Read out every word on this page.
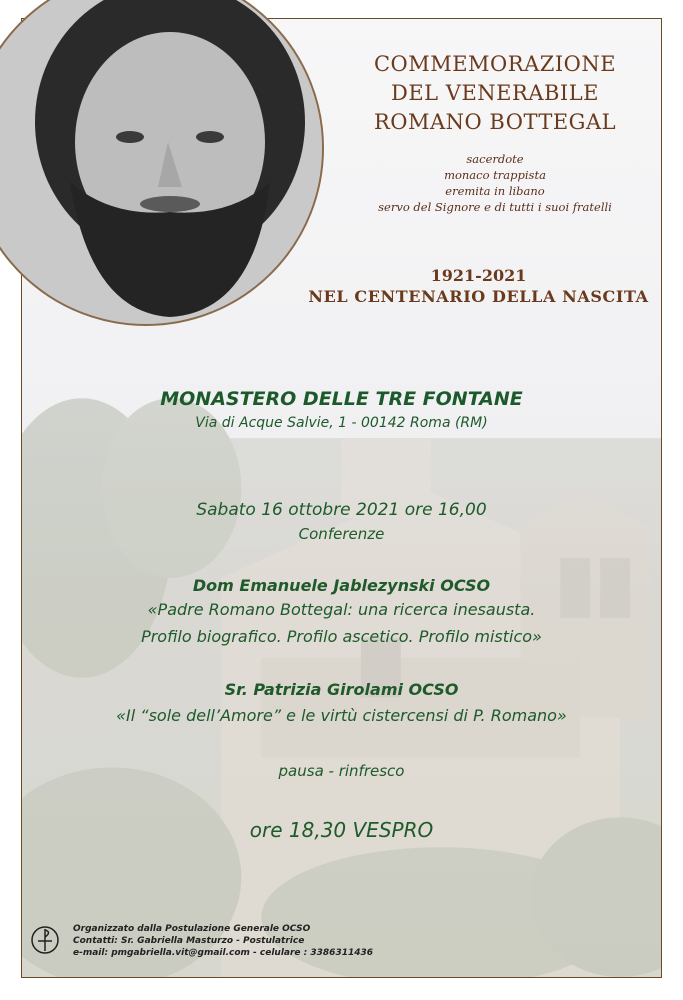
COMMEMORAZIONE
DEL VENERABILE
ROMANO BOTTEGAL
sacerdote
monaco trappista
eremita in libano
servo del Signore e di tutti i suoi fratelli
1921-2021
NEL CENTENARIO DELLA NASCITA
MONASTERO DELLE TRE FONTANE
Via di Acque Salvie, 1 - 00142 Roma (RM)
Sabato 16 ottobre 2021 ore 16,00
Conferenze
Dom Emanuele Jablezynski OCSO
«Padre Romano Bottegal: una ricerca inesausta.
Profilo biografico. Profilo ascetico. Profilo mistico»
Sr. Patrizia Girolami OCSO
«Il “sole dell’Amore” e le virtù cistercensi di P. Romano»
pausa - rinfresco
ore 18,30 VESPRO
Organizzato dalla Postulazione Generale OCSO
Contatti: Sr. Gabriella Masturzo - Postulatrice
e-mail: pmgabriella.vit@gmail.com - celulare : 3386311436
